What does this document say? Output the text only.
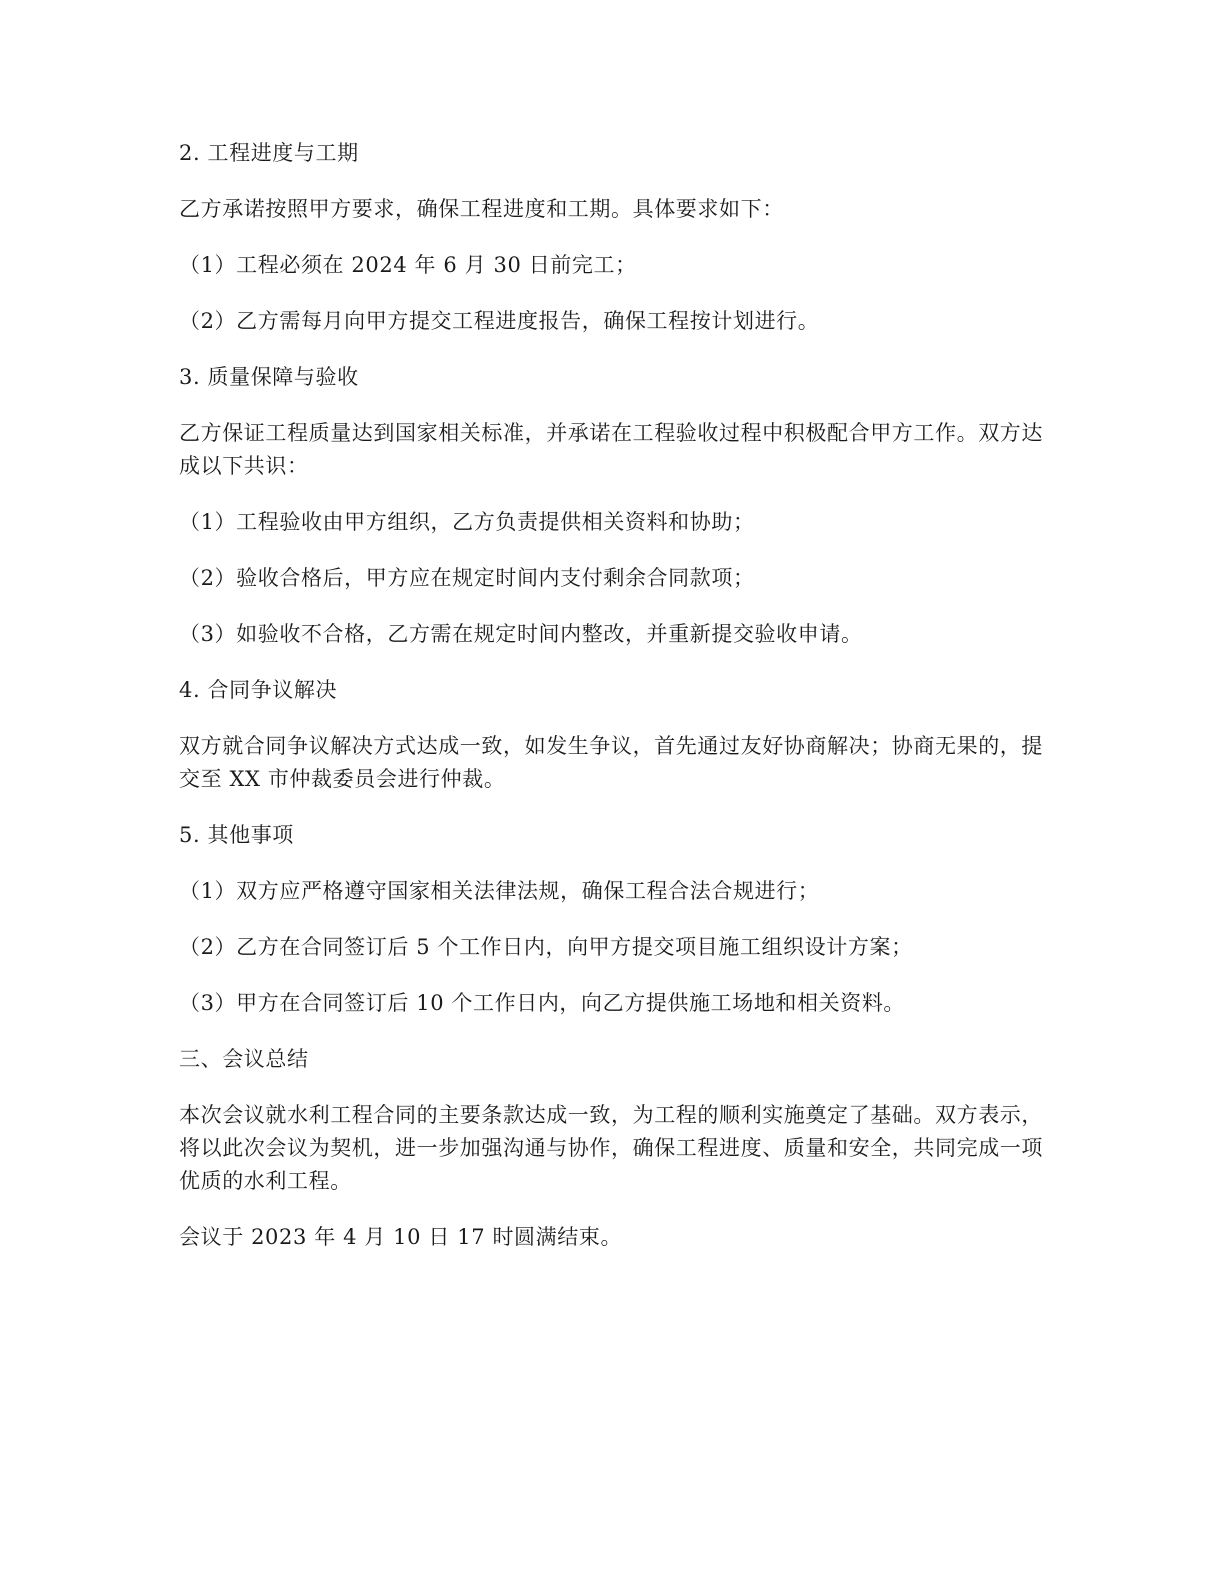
2. 工程进度与工期
乙方承诺按照甲方要求，确保工程进度和工期。具体要求如下：
（1）工程必须在 2024 年 6 月 30 日前完工；
（2）乙方需每月向甲方提交工程进度报告，确保工程按计划进行。
3. 质量保障与验收
乙方保证工程质量达到国家相关标准，并承诺在工程验收过程中积极配合甲方工作。双方达成以下共识：
（1）工程验收由甲方组织，乙方负责提供相关资料和协助；
（2）验收合格后，甲方应在规定时间内支付剩余合同款项；
（3）如验收不合格，乙方需在规定时间内整改，并重新提交验收申请。
4. 合同争议解决
双方就合同争议解决方式达成一致，如发生争议，首先通过友好协商解决；协商无果的，提交至 XX 市仲裁委员会进行仲裁。
5. 其他事项
（1）双方应严格遵守国家相关法律法规，确保工程合法合规进行；
（2）乙方在合同签订后 5 个工作日内，向甲方提交项目施工组织设计方案；
（3）甲方在合同签订后 10 个工作日内，向乙方提供施工场地和相关资料。
三、会议总结
本次会议就水利工程合同的主要条款达成一致，为工程的顺利实施奠定了基础。双方表示，将以此次会议为契机，进一步加强沟通与协作，确保工程进度、质量和安全，共同完成一项优质的水利工程。
会议于 2023 年 4 月 10 日 17 时圆满结束。
